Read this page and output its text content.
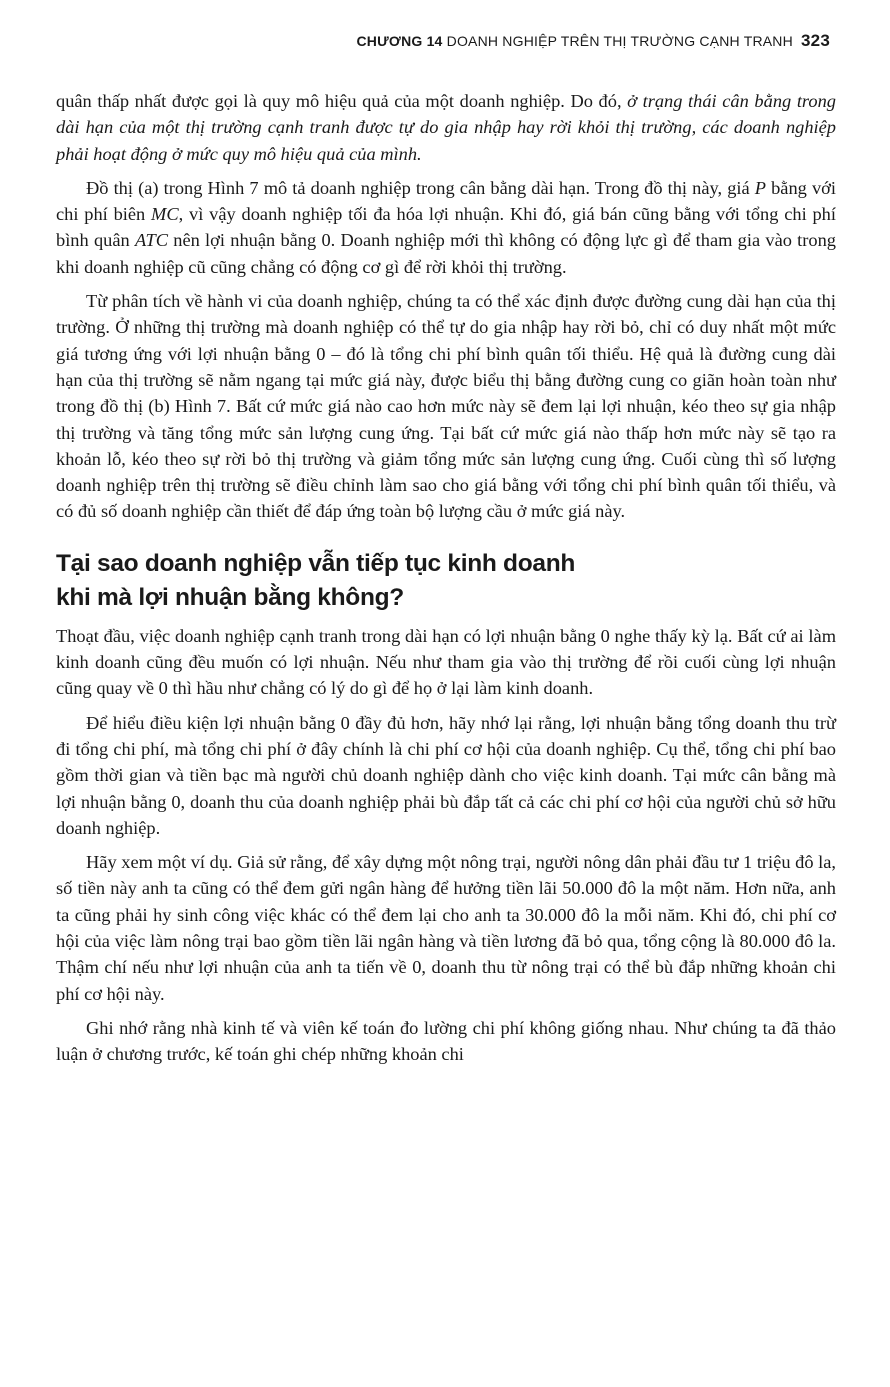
CHƯƠNG 14 DOANH NGHIỆP TRÊN THỊ TRƯỜNG CẠNH TRANH 323

quân thấp nhất được gọi là quy mô hiệu quả của một doanh nghiệp. Do đó, ở trạng thái cân bằng trong dài hạn của một thị trường cạnh tranh được tự do gia nhập hay rời khỏi thị trường, các doanh nghiệp phải hoạt động ở mức quy mô hiệu quả của mình.

Đồ thị (a) trong Hình 7 mô tả doanh nghiệp trong cân bằng dài hạn. Trong đồ thị này, giá P bằng với chi phí biên MC, vì vậy doanh nghiệp tối đa hóa lợi nhuận. Khi đó, giá bán cũng bằng với tổng chi phí bình quân ATC nên lợi nhuận bằng 0. Doanh nghiệp mới thì không có động lực gì để tham gia vào trong khi doanh nghiệp cũ cũng chẳng có động cơ gì để rời khỏi thị trường.

Từ phân tích về hành vi của doanh nghiệp, chúng ta có thể xác định được đường cung dài hạn của thị trường. Ở những thị trường mà doanh nghiệp có thể tự do gia nhập hay rời bỏ, chỉ có duy nhất một mức giá tương ứng với lợi nhuận bằng 0 – đó là tổng chi phí bình quân tối thiểu. Hệ quả là đường cung dài hạn của thị trường sẽ nằm ngang tại mức giá này, được biểu thị bằng đường cung co giãn hoàn toàn như trong đồ thị (b) Hình 7. Bất cứ mức giá nào cao hơn mức này sẽ đem lại lợi nhuận, kéo theo sự gia nhập thị trường và tăng tổng mức sản lượng cung ứng. Tại bất cứ mức giá nào thấp hơn mức này sẽ tạo ra khoản lỗ, kéo theo sự rời bỏ thị trường và giảm tổng mức sản lượng cung ứng. Cuối cùng thì số lượng doanh nghiệp trên thị trường sẽ điều chỉnh làm sao cho giá bằng với tổng chi phí bình quân tối thiểu, và có đủ số doanh nghiệp cần thiết để đáp ứng toàn bộ lượng cầu ở mức giá này.

Tại sao doanh nghiệp vẫn tiếp tục kinh doanh
khi mà lợi nhuận bằng không?

Thoạt đầu, việc doanh nghiệp cạnh tranh trong dài hạn có lợi nhuận bằng 0 nghe thấy kỳ lạ. Bất cứ ai làm kinh doanh cũng đều muốn có lợi nhuận. Nếu như tham gia vào thị trường để rồi cuối cùng lợi nhuận cũng quay về 0 thì hầu như chẳng có lý do gì để họ ở lại làm kinh doanh.

Để hiểu điều kiện lợi nhuận bằng 0 đầy đủ hơn, hãy nhớ lại rằng, lợi nhuận bằng tổng doanh thu trừ đi tổng chi phí, mà tổng chi phí ở đây chính là chi phí cơ hội của doanh nghiệp. Cụ thể, tổng chi phí bao gồm thời gian và tiền bạc mà người chủ doanh nghiệp dành cho việc kinh doanh. Tại mức cân bằng mà lợi nhuận bằng 0, doanh thu của doanh nghiệp phải bù đắp tất cả các chi phí cơ hội của người chủ sở hữu doanh nghiệp.

Hãy xem một ví dụ. Giả sử rằng, để xây dựng một nông trại, người nông dân phải đầu tư 1 triệu đô la, số tiền này anh ta cũng có thể đem gửi ngân hàng để hưởng tiền lãi 50.000 đô la một năm. Hơn nữa, anh ta cũng phải hy sinh công việc khác có thể đem lại cho anh ta 30.000 đô la mỗi năm. Khi đó, chi phí cơ hội của việc làm nông trại bao gồm tiền lãi ngân hàng và tiền lương đã bỏ qua, tổng cộng là 80.000 đô la. Thậm chí nếu như lợi nhuận của anh ta tiến về 0, doanh thu từ nông trại có thể bù đắp những khoản chi phí cơ hội này.

Ghi nhớ rằng nhà kinh tế và viên kế toán đo lường chi phí không giống nhau. Như chúng ta đã thảo luận ở chương trước, kế toán ghi chép những khoản chi
